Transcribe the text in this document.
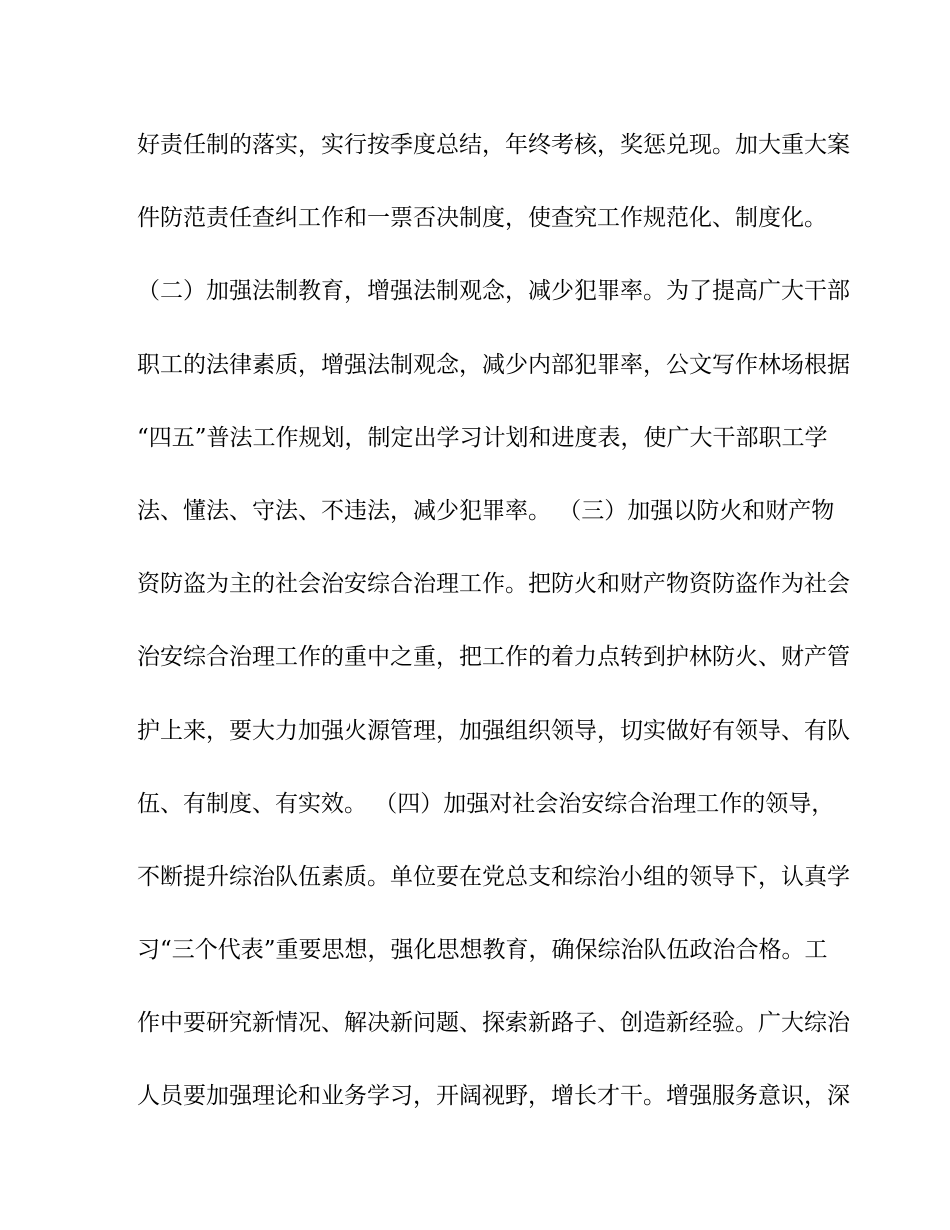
好责任制的落实，实行按季度总结，年终考核，奖惩兑现。加大重大案
件防范责任查纠工作和一票否决制度，使查究工作规范化、制度化。
（二）加强法制教育，增强法制观念，减少犯罪率。为了提高广大干部
职工的法律素质，增强法制观念，减少内部犯罪率，公文写作林场根据
“四五”普法工作规划，制定出学习计划和进度表，使广大干部职工学
法、懂法、守法、不违法，减少犯罪率。 （三）加强以防火和财产物
资防盗为主的社会治安综合治理工作。把防火和财产物资防盗作为社会
治安综合治理工作的重中之重，把工作的着力点转到护林防火、财产管
护上来，要大力加强火源管理，加强组织领导，切实做好有领导、有队
伍、有制度、有实效。 （四）加强对社会治安综合治理工作的领导，
不断提升综治队伍素质。单位要在党总支和综治小组的领导下，认真学
习“三个代表”重要思想，强化思想教育，确保综治队伍政治合格。工
作中要研究新情况、解决新问题、探索新路子、创造新经验。广大综治
人员要加强理论和业务学习，开阔视野，增长才干。增强服务意识，深
